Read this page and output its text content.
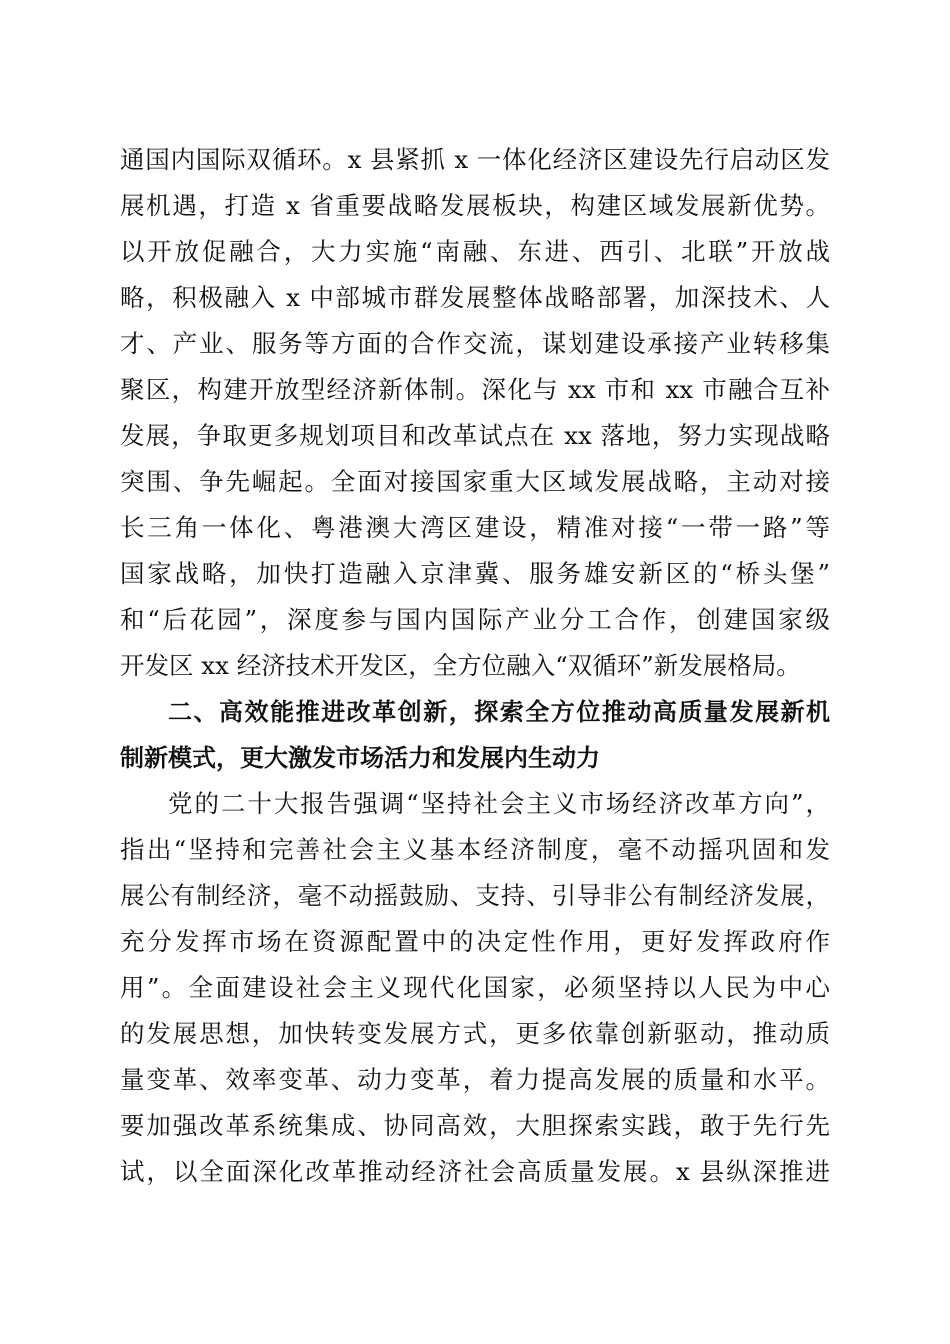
通国内国际双循环。x 县紧抓 x 一体化经济区建设先行启动区发

展机遇，打造 x 省重要战略发展板块，构建区域发展新优势。

以开放促融合，大力实施“南融、东进、西引、北联”开放战

略，积极融入 x 中部城市群发展整体战略部署，加深技术、人

才、产业、服务等方面的合作交流，谋划建设承接产业转移集

聚区，构建开放型经济新体制。深化与 xx 市和 xx 市融合互补

发展，争取更多规划项目和改革试点在 xx 落地，努力实现战略

突围、争先崛起。全面对接国家重大区域发展战略，主动对接

长三角一体化、粤港澳大湾区建设，精准对接“一带一路”等

国家战略，加快打造融入京津冀、服务雄安新区的“桥头堡”

和“后花园”，深度参与国内国际产业分工合作，创建国家级

开发区 xx 经济技术开发区，全方位融入“双循环”新发展格局。

二、高效能推进改革创新，探索全方位推动高质量发展新机

制新模式，更大激发市场活力和发展内生动力

党的二十大报告强调“坚持社会主义市场经济改革方向”，

指出“坚持和完善社会主义基本经济制度，毫不动摇巩固和发

展公有制经济，毫不动摇鼓励、支持、引导非公有制经济发展，

充分发挥市场在资源配置中的决定性作用，更好发挥政府作

用”。全面建设社会主义现代化国家，必须坚持以人民为中心

的发展思想，加快转变发展方式，更多依靠创新驱动，推动质

量变革、效率变革、动力变革，着力提高发展的质量和水平。

要加强改革系统集成、协同高效，大胆探索实践，敢于先行先

试，以全面深化改革推动经济社会高质量发展。x 县纵深推进
